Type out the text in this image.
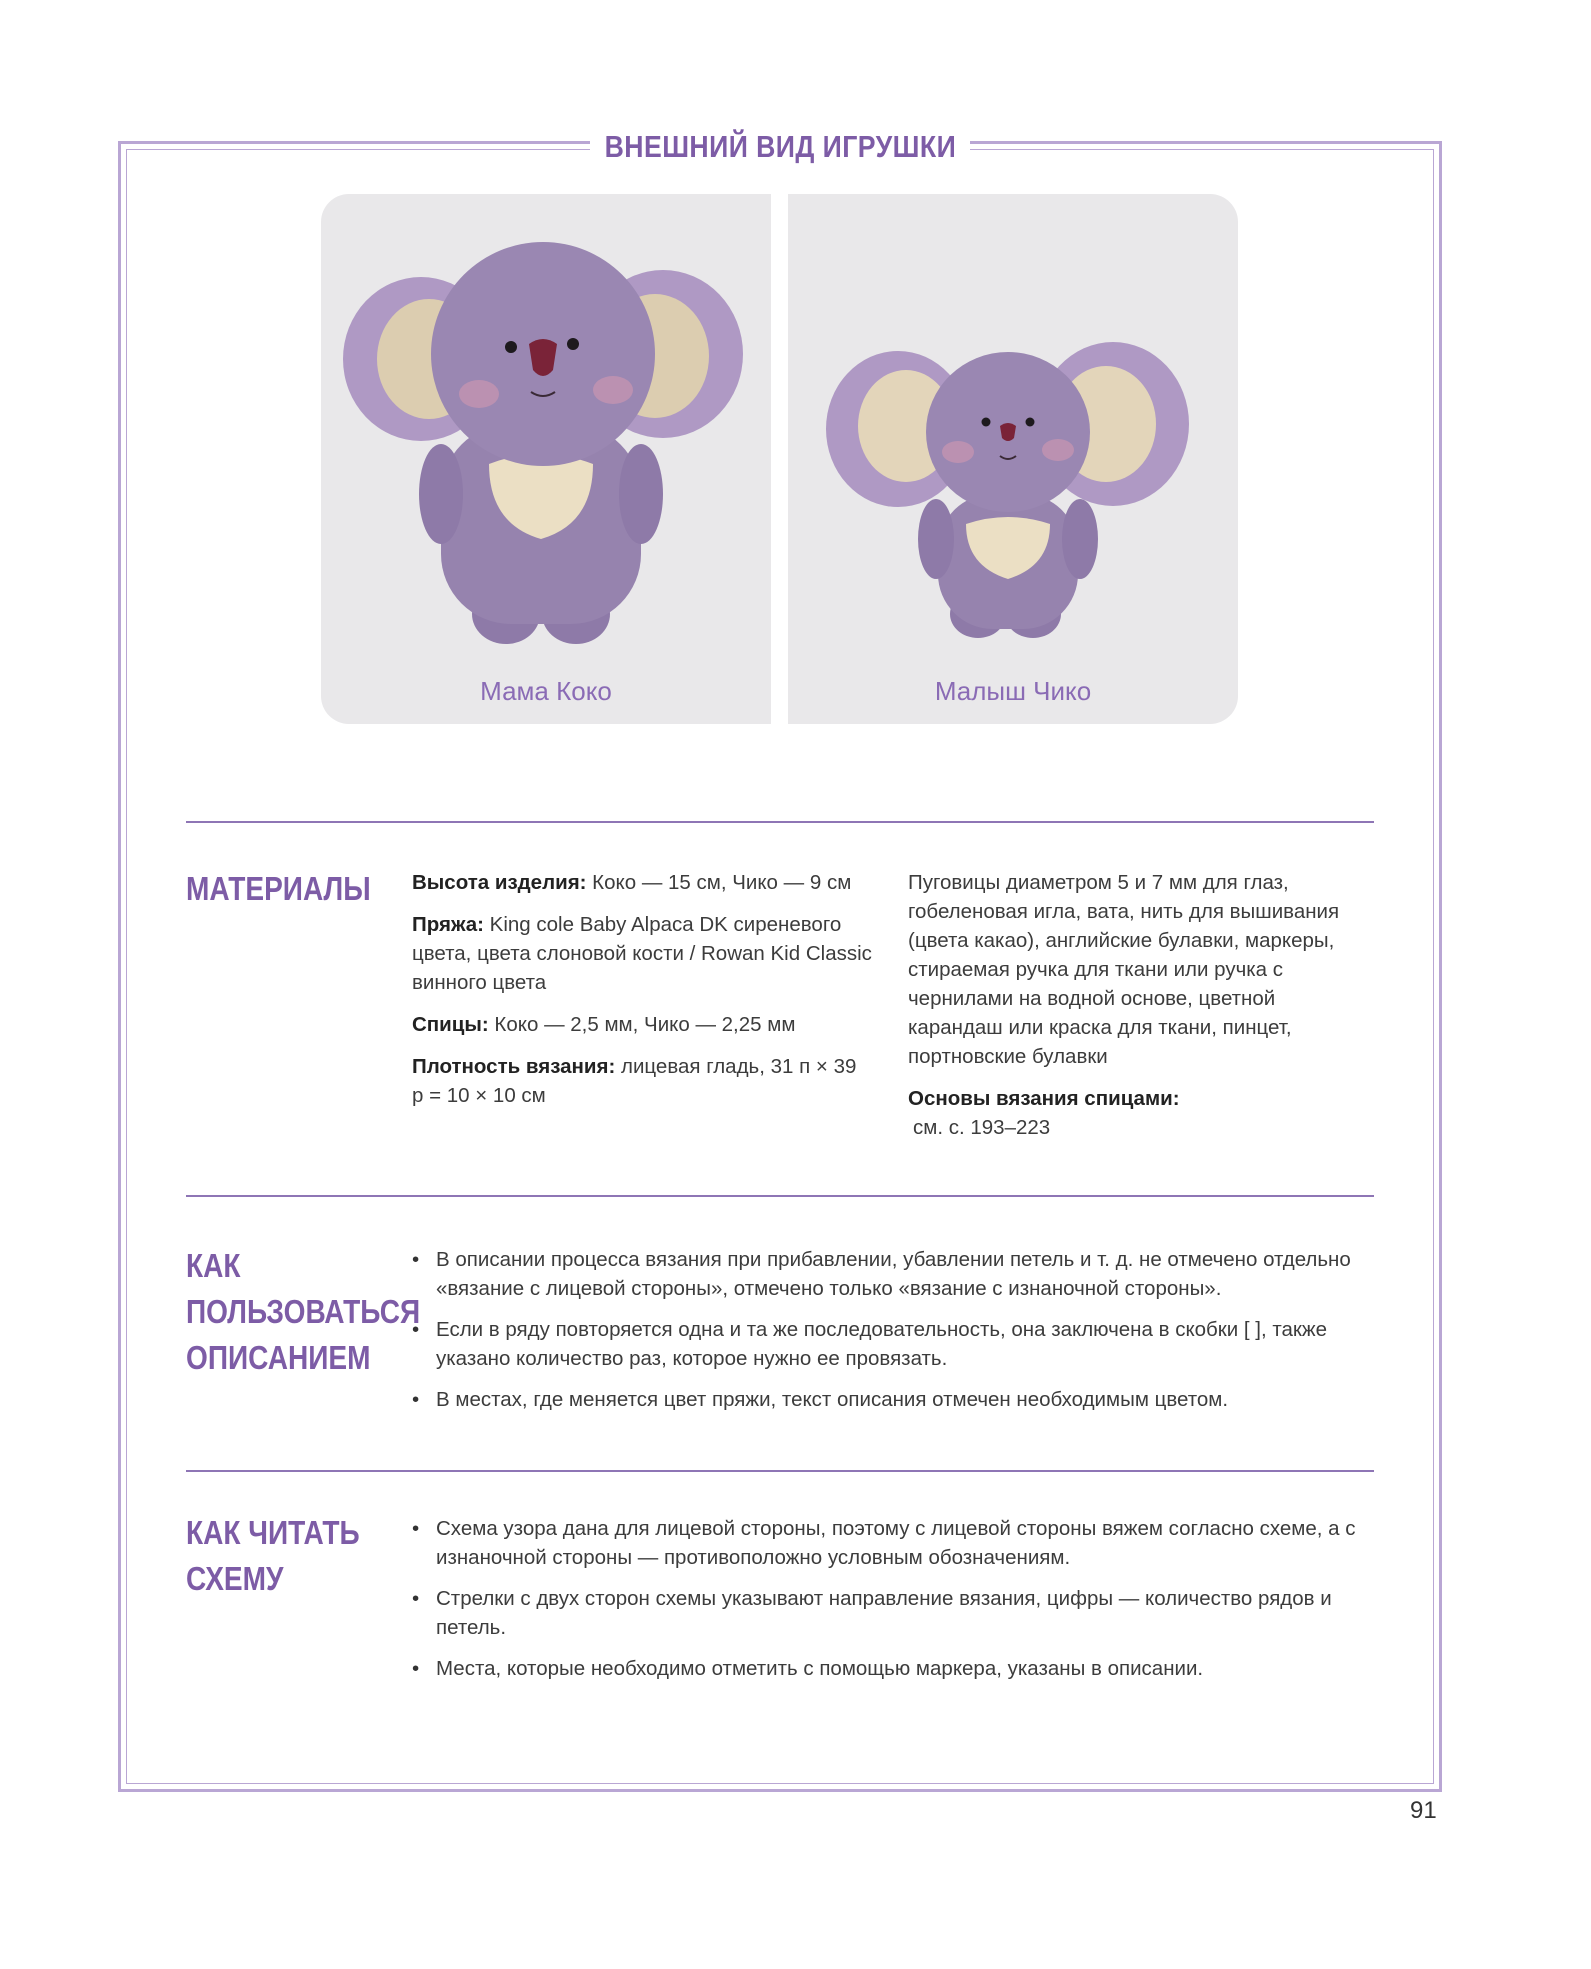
ВНЕШНИЙ ВИД ИГРУШКИ
Мама Коко	Малыш Чико
МАТЕРИАЛЫ Высота изделия: Коко — 15 см, Чико — 9 см
Пряжа: King cole Baby Alpaca DK сиреневого цвета, цвета слоновой кости / Rowan Kid Classic винного цвета
Спицы: Коко — 2,5 мм, Чико — 2,25 мм
Плотность вязания: лицевая гладь, 31 п × 39 р = 10 × 10 см
Пуговицы диаметром 5 и 7 мм для глаз, гобеленовая игла, вата, нить для вышивания (цвета какао), английские булавки, маркеры, стираемая ручка для ткани или ручка с чернилами на водной основе, цветной карандаш или краска для ткани, пинцет, портновские булавки
Основы вязания спицами:
см. с. 193–223
КАК
ПОЛЬЗОВАТЬСЯ
ОПИСАНИЕМ
• В описании процесса вязания при прибавлении, убавлении петель и т. д. не отмечено отдельно «вязание с лицевой стороны», отмечено только «вязание с изнаночной стороны».
• Если в ряду повторяется одна и та же последовательность, она заключена в скобки [ ], также указано количество раз, которое нужно ее провязать.
• В местах, где меняется цвет пряжи, текст описания отмечен необходимым цветом.
КАК ЧИТАТЬ
СХЕМУ
• Схема узора дана для лицевой стороны, поэтому с лицевой стороны вяжем согласно схеме, а с изнаночной стороны — противоположно условным обозначениям.
• Стрелки с двух сторон схемы указывают направление вязания, цифры — количество рядов и петель.
• Места, которые необходимо отметить с помощью маркера, указаны в описании.
91
